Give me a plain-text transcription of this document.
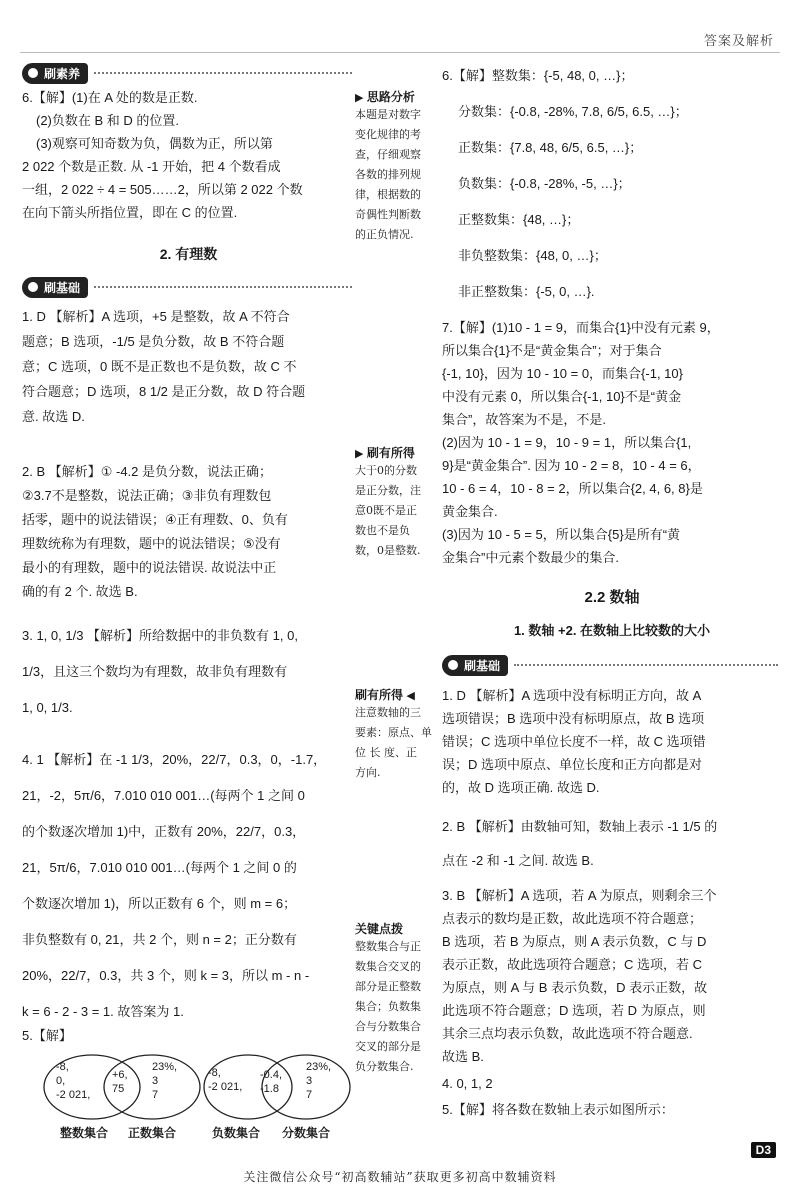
答案及解析
刷素养
6.【解】(1)在 A 处的数是正数.
(2)负数在 B 和 D 的位置.
(3)观察可知奇数为负，偶数为正，所以第
2 022 个数是正数. 从 -1 开始，把 4 个数看成
一组，2 022 ÷ 4 = 505……2，所以第 2 022 个数
在向下箭头所指位置，即在 C 的位置.
2. 有理数
刷基础
1. D 【解析】A 选项，+5 是整数，故 A 不符合
题意；B 选项，-1/5 是负分数，故 B 不符合题
意；C 选项，0 既不是正数也不是负数，故 C 不
符合题意；D 选项，8 1/2 是正分数，故 D 符合题
意. 故选 D.
2. B 【解析】① -4.2 是负分数，说法正确；
②3.7不是整数，说法正确；③非负有理数包
括零，题中的说法错误；④正有理数、0、负有
理数统称为有理数，题中的说法错误；⑤没有
最小的有理数，题中的说法错误. 故说法中正
确的有 2 个. 故选 B.
3. 1, 0, 1/3 【解析】所给数据中的非负数有 1, 0,
1/3，且这三个数均为有理数，故非负有理数有
1, 0, 1/3.
4. 1 【解析】在 -1 1/3，20%，22/7，0.3，0，-1.7，
21，-2，5π/6，7.010 010 001…(每两个 1 之间 0
的个数逐次增加 1)中，正数有 20%，22/7，0.3，
21，5π/6，7.010 010 001…(每两个 1 之间 0 的
个数逐次增加 1)，所以正数有 6 个，则 m = 6；
非负整数有 0, 21，共 2 个，则 n = 2；正分数有
20%，22/7，0.3，共 3 个，则 k = 3，所以 m - n -
k = 6 - 2 - 3 = 1. 故答案为 1.
5.【解】
-8,
0,
-2 021,
+6,
75
23%,
3
7
整数集合 正数集合
-8,
-2 021,
-0.4,
-1.8
23%,
3
7
负数集合 分数集合
▶ 思路分析
本题是对数字
变化规律的考
查，仔细观察
各数的排列规
律，根据数的
奇偶性判断数
的正负情况.
▶ 刷有所得
大于0的分数
是正分数，注
意0既不是正
数也不是负
数，0是整数.
刷有所得 ◀
注意数轴的三
要素：原点、单
位 长 度、正
方向.
关键点拨
整数集合与正
数集合交叉的
部分是正整数
集合；负数集
合与分数集合
交叉的部分是
负分数集合.
6.【解】整数集：{-5, 48, 0, …}；
分数集：{-0.8, -28%, 7.8, 6/5, 6.5, …}；
正数集：{7.8, 48, 6/5, 6.5, …}；
负数集：{-0.8, -28%, -5, …}；
正整数集：{48, …}；
非负整数集：{48, 0, …}；
非正整数集：{-5, 0, …}.
7.【解】(1)10 - 1 = 9，而集合{1}中没有元素 9，
所以集合{1}不是“黄金集合”；对于集合
{-1, 10}，因为 10 - 10 = 0，而集合{-1, 10}
中没有元素 0，所以集合{-1, 10}不是“黄金
集合”，故答案为不是，不是.
(2)因为 10 - 1 = 9，10 - 9 = 1，所以集合{1,
9}是“黄金集合”. 因为 10 - 2 = 8，10 - 4 = 6，
10 - 6 = 4，10 - 8 = 2，所以集合{2, 4, 6, 8}是
黄金集合.
(3)因为 10 - 5 = 5，所以集合{5}是所有“黄
金集合”中元素个数最少的集合.
2.2 数轴
1. 数轴 +2. 在数轴上比较数的大小
刷基础
1. D 【解析】A 选项中没有标明正方向，故 A
选项错误；B 选项中没有标明原点，故 B 选项
错误；C 选项中单位长度不一样，故 C 选项错
误；D 选项中原点、单位长度和正方向都是对
的，故 D 选项正确. 故选 D.
2. B 【解析】由数轴可知，数轴上表示 -1 1/5 的
点在 -2 和 -1 之间. 故选 B.
3. B 【解析】A 选项，若 A 为原点，则剩余三个
点表示的数均是正数，故此选项不符合题意；
B 选项，若 B 为原点，则 A 表示负数，C 与 D
表示正数，故此选项符合题意；C 选项，若 C
为原点，则 A 与 B 表示负数，D 表示正数，故
此选项不符合题意；D 选项，若 D 为原点，则
其余三点均表示负数，故此选项不符合题意.
故选 B.
4. 0, 1, 2
5.【解】将各数在数轴上表示如图所示：
D3
关注微信公众号“初高数辅站”获取更多初高中数辅资料
